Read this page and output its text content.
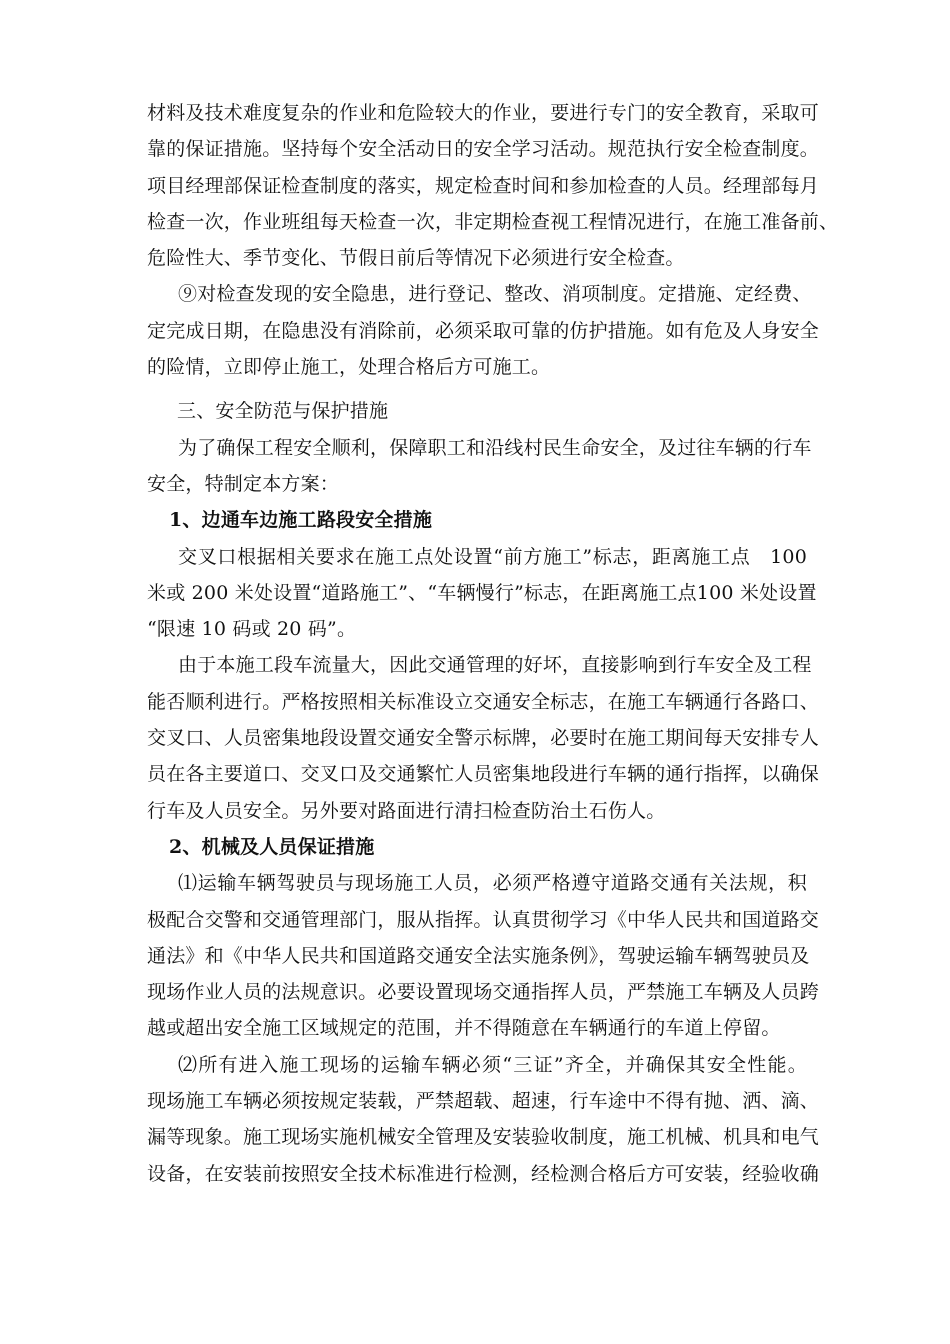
材料及技术难度复杂的作业和危险较大的作业，要进行专门的安全教育，采取可
靠的保证措施。坚持每个安全活动日的安全学习活动。规范执行安全检查制度。
项目经理部保证检查制度的落实，规定检查时间和参加检查的人员。经理部每月
检查一次，作业班组每天检查一次，非定期检查视工程情况进行，在施工准备前、
危险性大、季节变化、节假日前后等情况下必须进行安全检查。
⑨对检查发现的安全隐患，进行登记、整改、消项制度。定措施、定经费、
定完成日期，在隐患没有消除前，必须采取可靠的仿护措施。如有危及人身安全
的险情，立即停止施工，处理合格后方可施工。
三、安全防范与保护措施
为了确保工程安全顺利，保障职工和沿线村民生命安全，及过往车辆的行车
安全，特制定本方案：
1、边通车边施工路段安全措施
交叉口根据相关要求在施工点处设置“前方施工”标志，距离施工点　100
米或 200 米处设置“道路施工”、“车辆慢行”标志，在距离施工点100 米处设置
“限速 10 码或 20 码”。
由于本施工段车流量大，因此交通管理的好坏，直接影响到行车安全及工程
能否顺利进行。严格按照相关标准设立交通安全标志，在施工车辆通行各路口、
交叉口、人员密集地段设置交通安全警示标牌，必要时在施工期间每天安排专人
员在各主要道口、交叉口及交通繁忙人员密集地段进行车辆的通行指挥，以确保
行车及人员安全。另外要对路面进行清扫检查防治土石伤人。
2、机械及人员保证措施
⑴运输车辆驾驶员与现场施工人员，必须严格遵守道路交通有关法规，积
极配合交警和交通管理部门，服从指挥。认真贯彻学习《中华人民共和国道路交
通法》和《中华人民共和国道路交通安全法实施条例》，驾驶运输车辆驾驶员及
现场作业人员的法规意识。必要设置现场交通指挥人员，严禁施工车辆及人员跨
越或超出安全施工区域规定的范围，并不得随意在车辆通行的车道上停留。
⑵所有进入施工现场的运输车辆必须“三证”齐全，并确保其安全性能。
现场施工车辆必须按规定装载，严禁超载、超速，行车途中不得有抛、洒、滴、
漏等现象。施工现场实施机械安全管理及安装验收制度，施工机械、机具和电气
设备，在安装前按照安全技术标准进行检测，经检测合格后方可安装，经验收确
